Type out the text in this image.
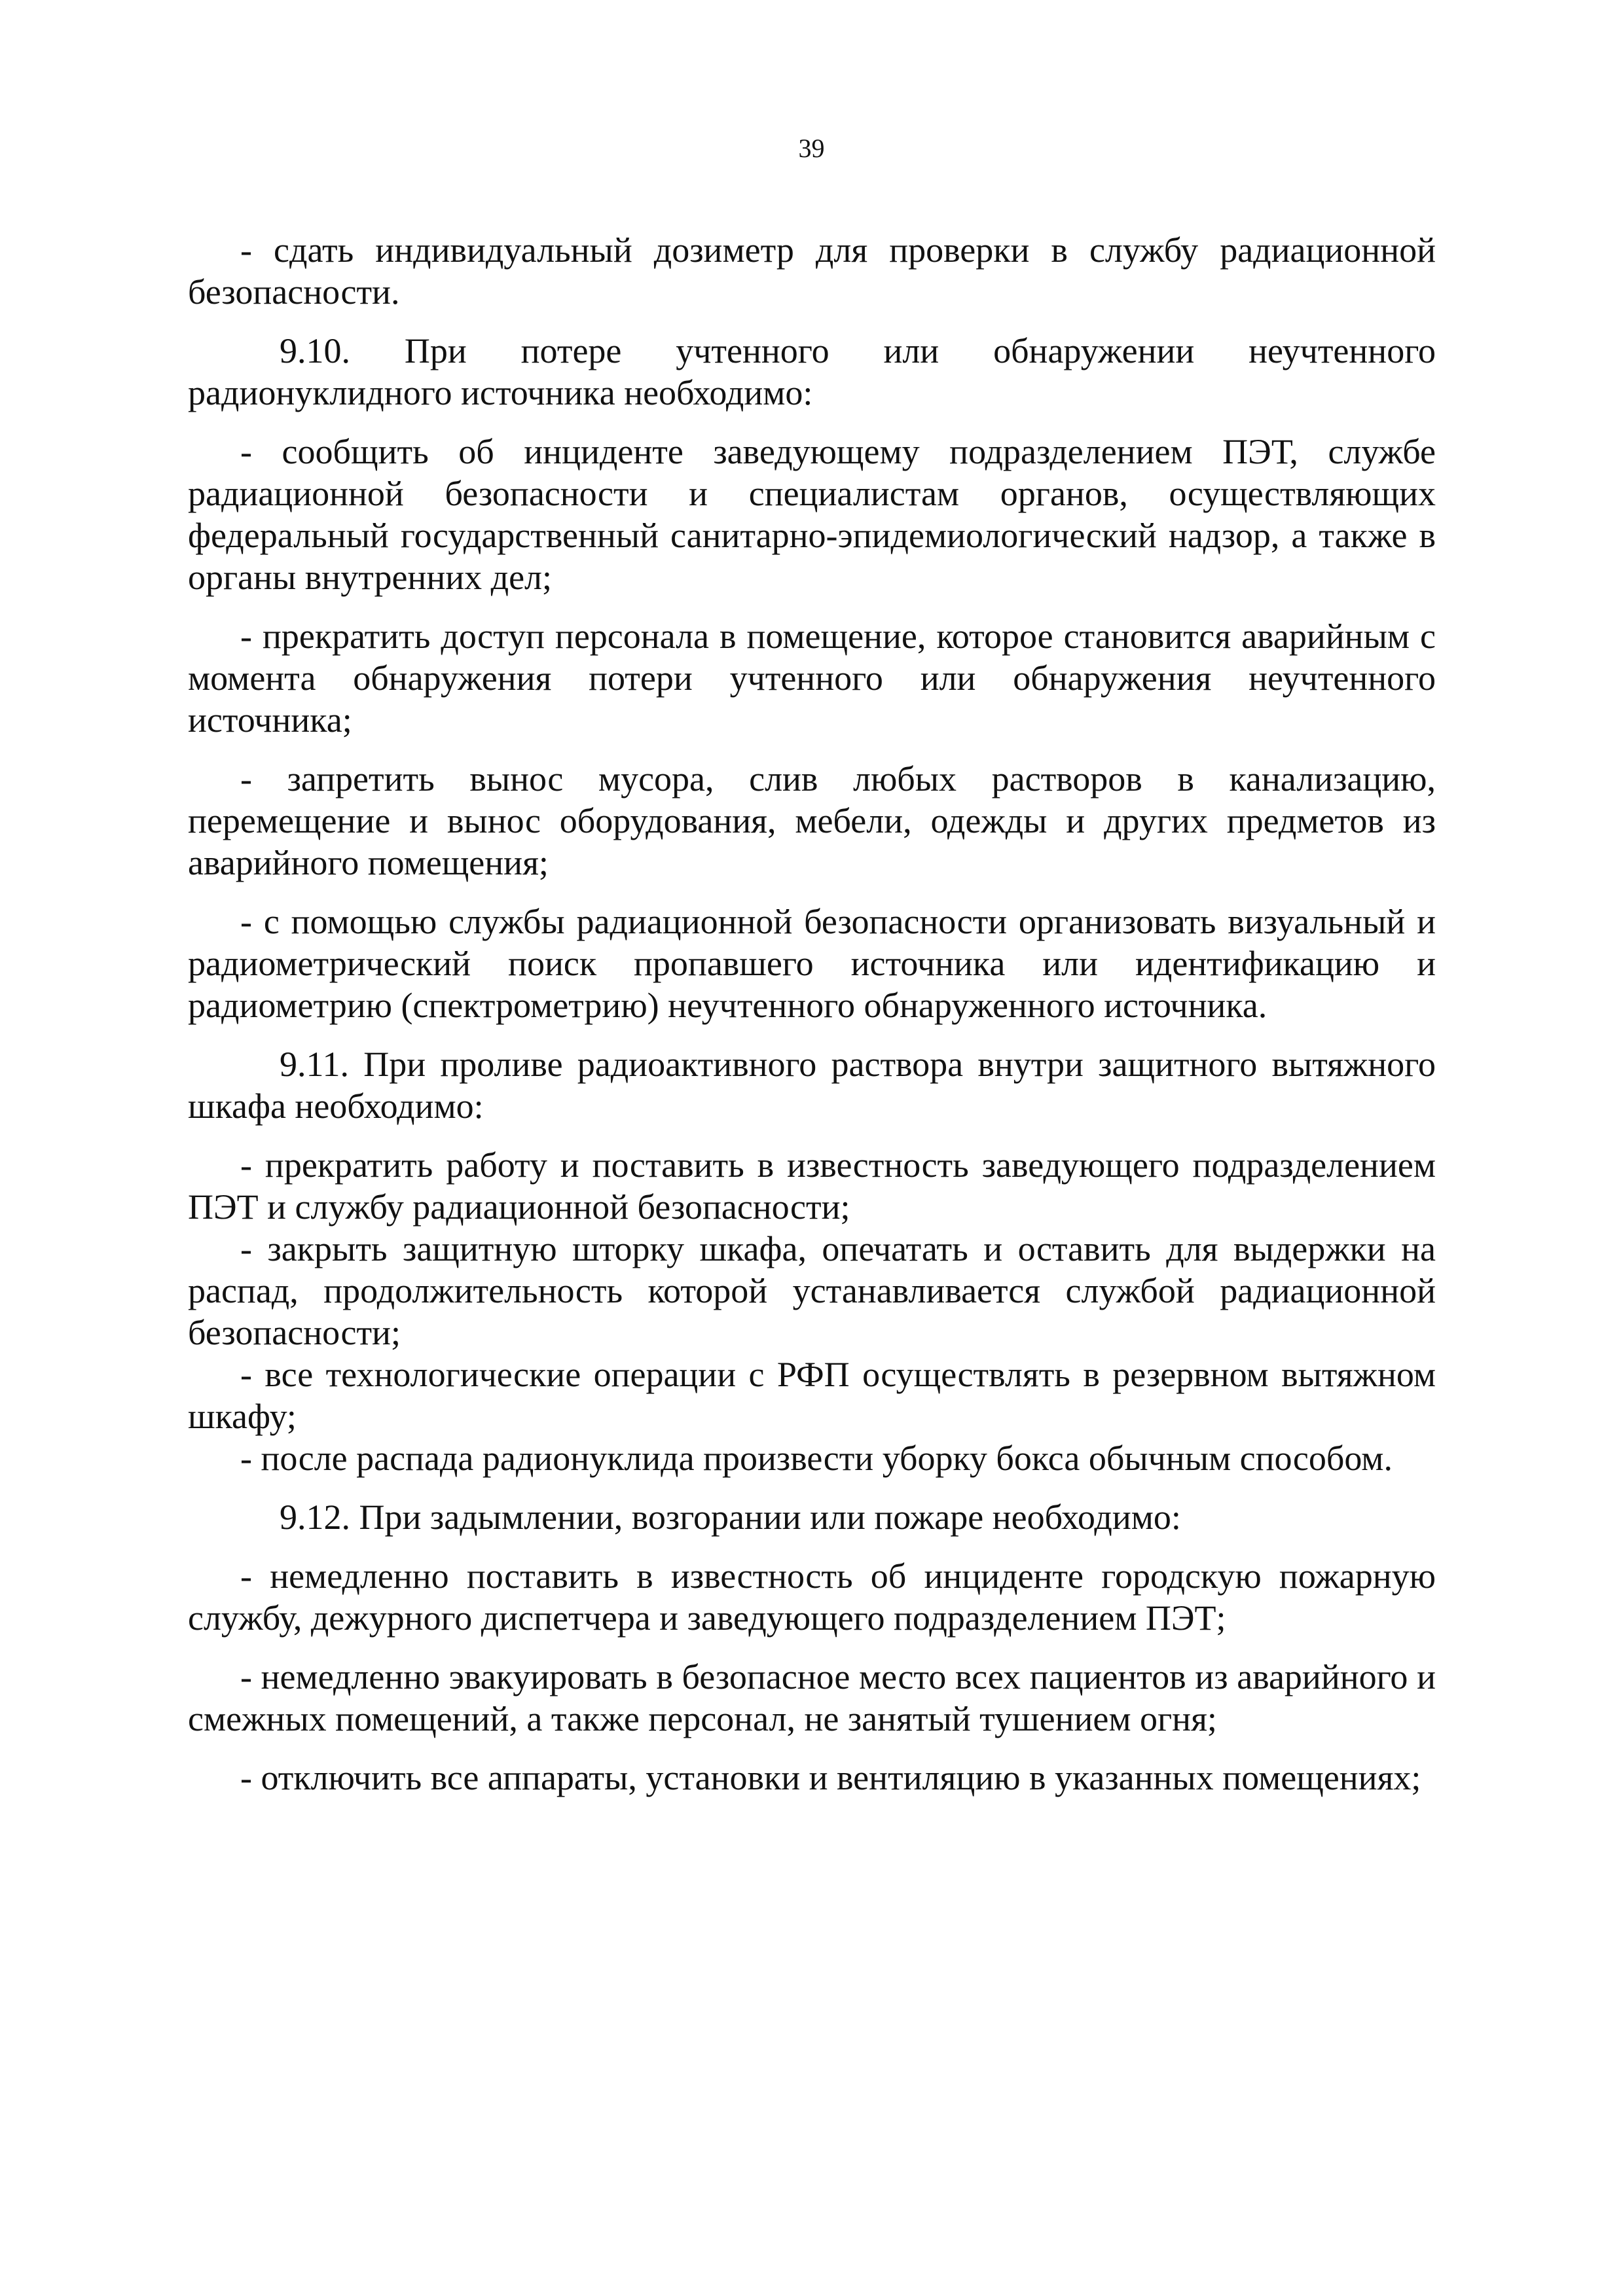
39

- сдать индивидуальный дозиметр для проверки в службу радиационной безопасности.

9.10. При потере учтенного или обнаружении неучтенного радионуклидного источника необходимо:

- сообщить об инциденте заведующему подразделением ПЭТ, службе радиационной безопасности и специалистам органов, осуществляющих федеральный государственный санитарно-эпидемиологический надзор, а также в органы внутренних дел;

- прекратить доступ персонала в помещение, которое становится аварийным с момента обнаружения потери учтенного или обнаружения неучтенного источника;

- запретить вынос мусора, слив любых растворов в канализацию, перемещение и вынос оборудования, мебели, одежды и других предметов из аварийного помещения;

- с помощью службы радиационной безопасности организовать визуальный и радиометрический поиск пропавшего источника или идентификацию и радиометрию (спектрометрию) неучтенного обнаруженного источника.

9.11. При проливе радиоактивного раствора внутри защитного вытяжного шкафа необходимо:

- прекратить работу и поставить в известность заведующего подразделением ПЭТ и службу радиационной безопасности;

- закрыть защитную шторку шкафа, опечатать и оставить для выдержки на распад, продолжительность которой устанавливается службой радиационной безопасности;

- все технологические операции с РФП осуществлять в резервном вытяжном шкафу;

- после распада радионуклида произвести уборку бокса обычным способом.

9.12. При задымлении, возгорании или пожаре необходимо:

- немедленно поставить в известность об инциденте городскую пожарную службу, дежурного диспетчера и заведующего подразделением ПЭТ;

- немедленно эвакуировать в безопасное место всех пациентов из аварийного и смежных помещений, а также персонал, не занятый тушением огня;

- отключить все аппараты, установки и вентиляцию в указанных помещениях;
